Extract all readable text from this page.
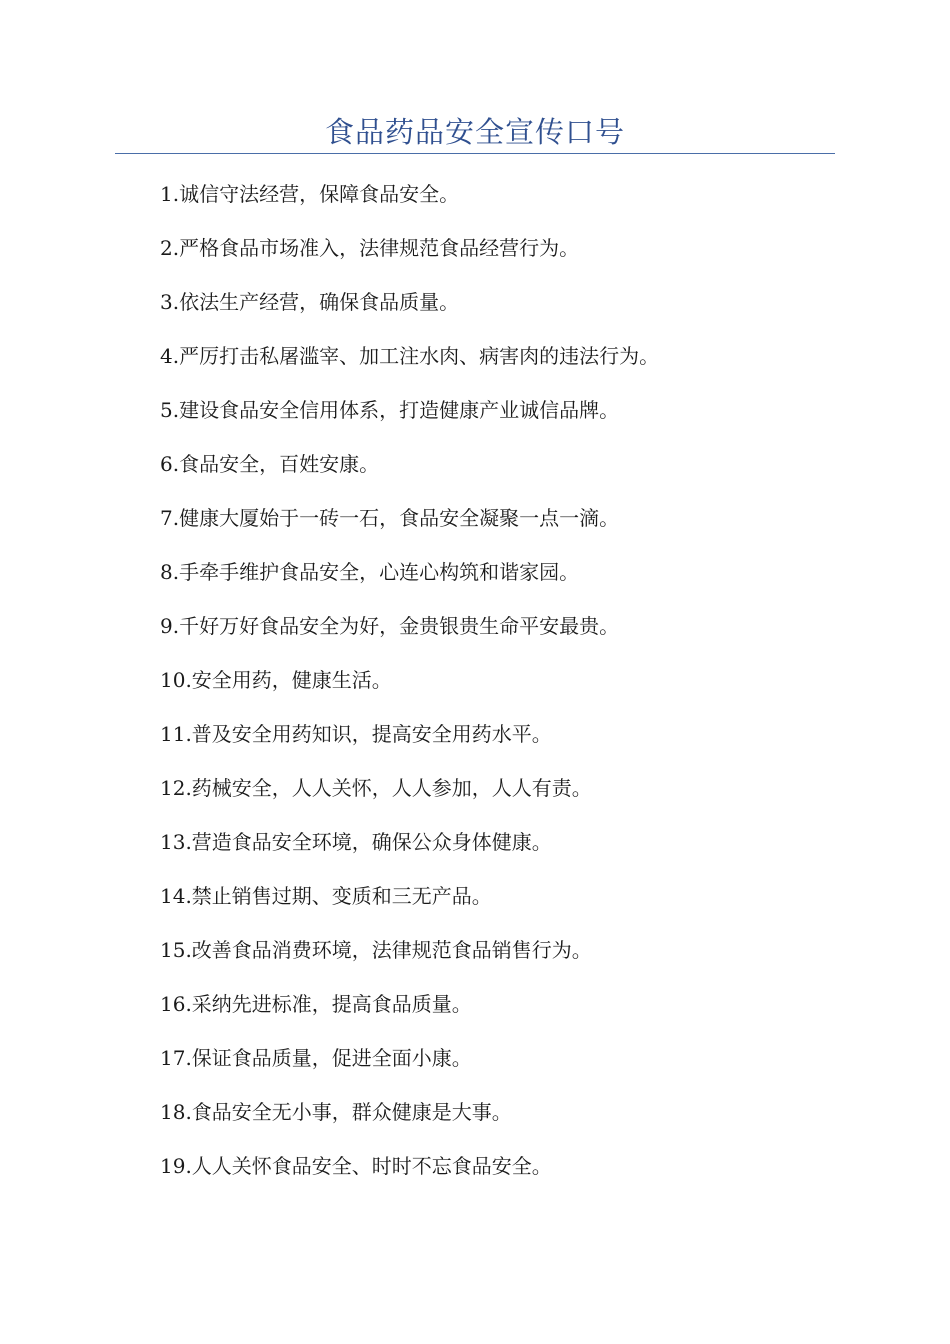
食品药品安全宣传口号
1.诚信守法经营，保障食品安全。
2.严格食品市场准入，法律规范食品经营行为。
3.依法生产经营，确保食品质量。
4.严厉打击私屠滥宰、加工注水肉、病害肉的违法行为。
5.建设食品安全信用体系，打造健康产业诚信品牌。
6.食品安全，百姓安康。
7.健康大厦始于一砖一石，食品安全凝聚一点一滴。
8.手牵手维护食品安全，心连心构筑和谐家园。
9.千好万好食品安全为好，金贵银贵生命平安最贵。
10.安全用药，健康生活。
11.普及安全用药知识，提高安全用药水平。
12.药械安全，人人关怀，人人参加，人人有责。
13.营造食品安全环境，确保公众身体健康。
14.禁止销售过期、变质和三无产品。
15.改善食品消费环境，法律规范食品销售行为。
16.采纳先进标准，提高食品质量。
17.保证食品质量，促进全面小康。
18.食品安全无小事，群众健康是大事。
19.人人关怀食品安全、时时不忘食品安全。
